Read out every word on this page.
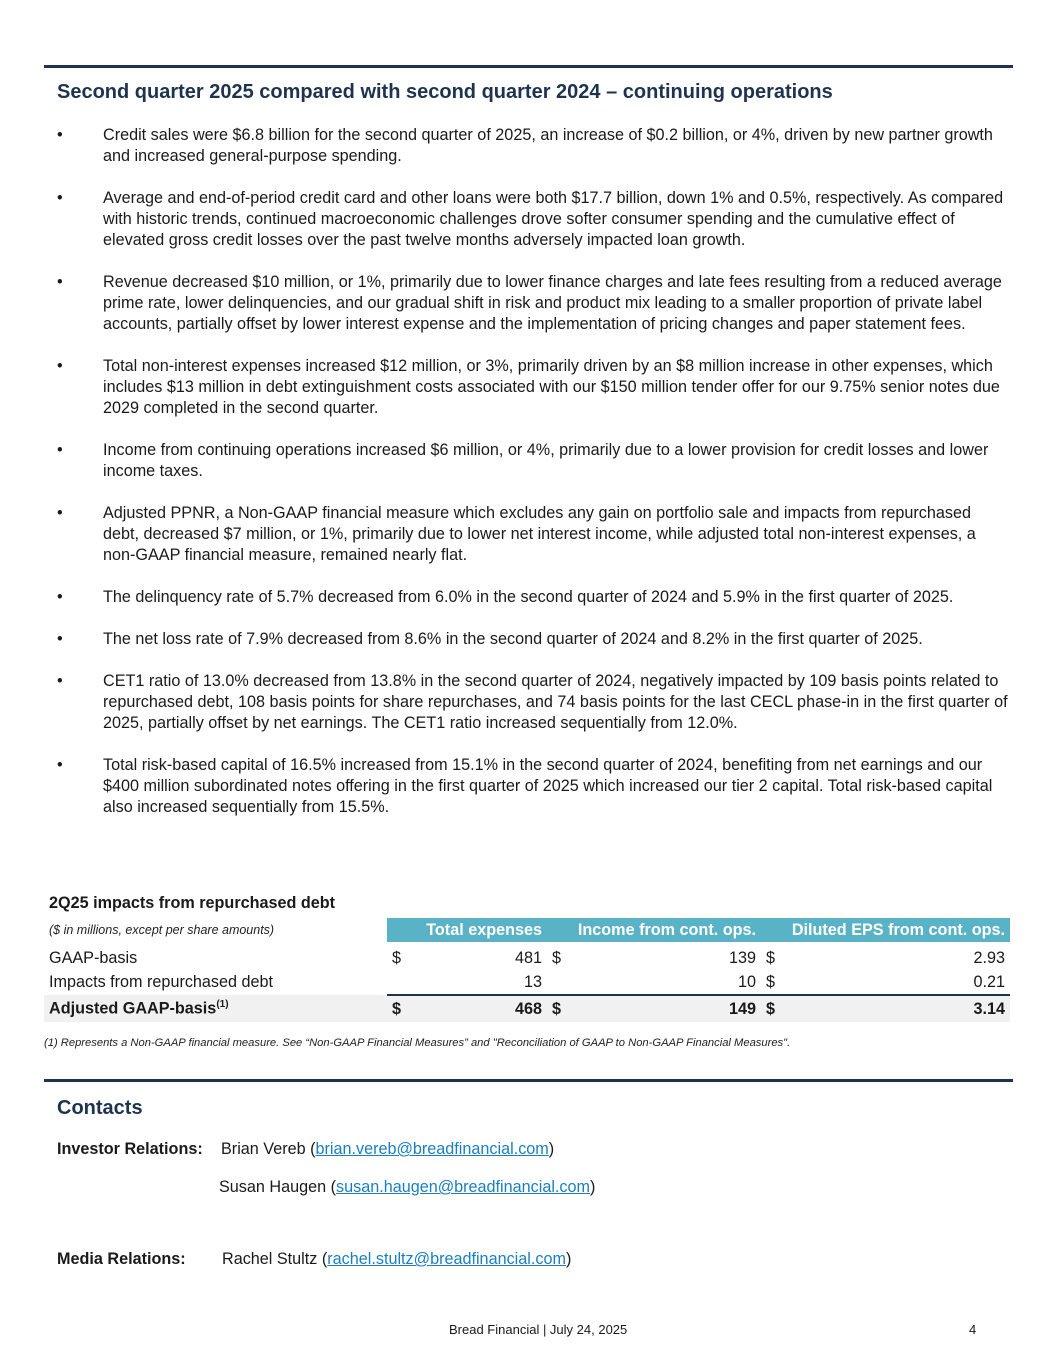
Second quarter 2025 compared with second quarter 2024 – continuing operations
• Credit sales were $6.8 billion for the second quarter of 2025, an increase of $0.2 billion, or 4%, driven by new partner growth and increased general-purpose spending.
• Average and end-of-period credit card and other loans were both $17.7 billion, down 1% and 0.5%, respectively. As compared with historic trends, continued macroeconomic challenges drove softer consumer spending and the cumulative effect of elevated gross credit losses over the past twelve months adversely impacted loan growth.
• Revenue decreased $10 million, or 1%, primarily due to lower finance charges and late fees resulting from a reduced average prime rate, lower delinquencies, and our gradual shift in risk and product mix leading to a smaller proportion of private label accounts, partially offset by lower interest expense and the implementation of pricing changes and paper statement fees.
• Total non-interest expenses increased $12 million, or 3%, primarily driven by an $8 million increase in other expenses, which includes $13 million in debt extinguishment costs associated with our $150 million tender offer for our 9.75% senior notes due 2029 completed in the second quarter.
• Income from continuing operations increased $6 million, or 4%, primarily due to a lower provision for credit losses and lower income taxes.
• Adjusted PPNR, a Non-GAAP financial measure which excludes any gain on portfolio sale and impacts from repurchased debt, decreased $7 million, or 1%, primarily due to lower net interest income, while adjusted total non-interest expenses, a non-GAAP financial measure, remained nearly flat.
• The delinquency rate of 5.7% decreased from 6.0% in the second quarter of 2024 and 5.9% in the first quarter of 2025.
• The net loss rate of 7.9% decreased from 8.6% in the second quarter of 2024 and 8.2% in the first quarter of 2025.
• CET1 ratio of 13.0% decreased from 13.8% in the second quarter of 2024, negatively impacted by 109 basis points related to repurchased debt, 108 basis points for share repurchases, and 74 basis points for the last CECL phase-in in the first quarter of 2025, partially offset by net earnings. The CET1 ratio increased sequentially from 12.0%.
• Total risk-based capital of 16.5% increased from 15.1% in the second quarter of 2024, benefiting from net earnings and our $400 million subordinated notes offering in the first quarter of 2025 which increased our tier 2 capital. Total risk-based capital also increased sequentially from 15.5%.
2Q25 impacts from repurchased debt
($ in millions, except per share amounts)	Total expenses		Income from cont. ops.		Diluted EPS from cont. ops.	

GAAP-basis	$	481	$	139	$	2.93
Impacts from repurchased debt		13		10	$	0.21
Adjusted GAAP-basis$^{(1)}$	$	468	$	149	$	3.14
(1) Represents a Non-GAAP financial measure. See “Non-GAAP Financial Measures” and "Reconciliation of GAAP to Non-GAAP Financial Measures".
Contacts
Investor Relations: Brian Vereb (brian.vereb@breadfinancial.com)
Susan Haugen (susan.haugen@breadfinancial.com)
Media Relations: Rachel Stultz (rachel.stultz@breadfinancial.com)
Bread Financial | July 24, 2025	4
